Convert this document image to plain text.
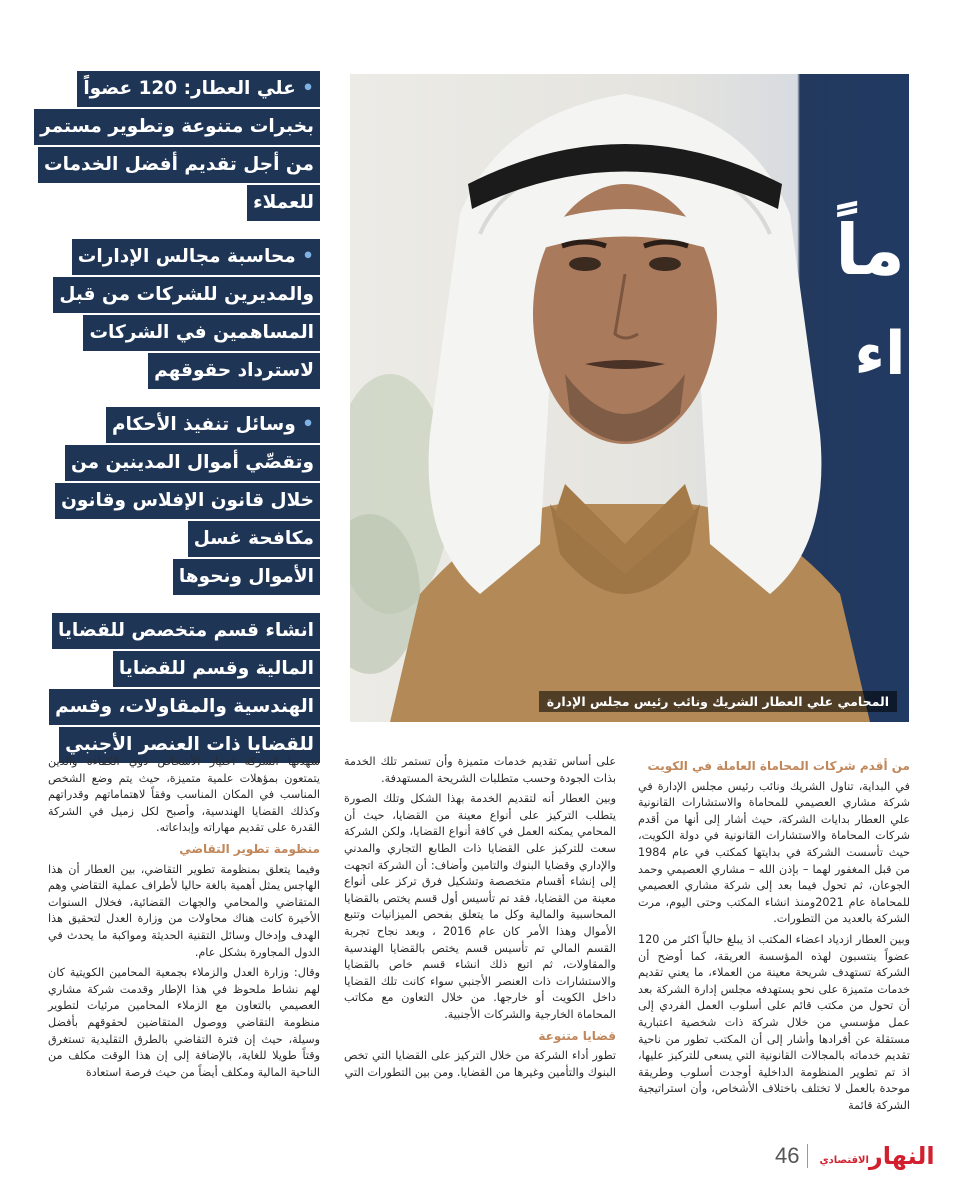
• علي العطار: 120 عضواً
بخبرات متنوعة وتطوير مستمر
من أجل تقديم أفضل الخدمات
للعملاء

• محاسبة مجالس الإدارات
والمديرين للشركات من قبل
المساهمين في الشركات
لاسترداد حقوقهم

• وسائل تنفيذ الأحكام
وتقصِّي أموال المدينين من
خلال قانون الإفلاس وقانون
مكافحة غسل
الأموال ونحوها

انشاء قسم متخصص للقضايا
المالية وقسم للقضايا
الهندسية والمقاولات، وقسم
للقضايا ذات العنصر الأجنبي

ماً
اء
المحامي علي العطار الشريك ونائب رئيس مجلس الإدارة
من أقدم شركات المحاماة العاملة في الكويت

في البداية، تناول الشريك ونائب رئيس مجلس الإدارة في شركة مشاري العصيمي للمحاماة والاستشارات القانونية علي العطار بدايات الشركة، حيث أشار إلى أنها من أقدم شركات المحاماة والاستشارات القانونية في دولة الكويت، حيث تأسست الشركة في بدايتها كمكتب في عام 1984 من قبل المغفور لهما – بإذن الله – مشاري العصيمي وحمد الجوعان، ثم تحول فيما بعد إلى شركة مشاري العصيمي للمحاماة عام 2021ومنذ انشاء المكتب وحتى اليوم، مرت الشركة بالعديد من التطورات.

وبين العطار ازدياد اعضاء المكتب اذ يبلغ حالياً اكثر من 120 عضواً ينتسبون لهذه المؤسسة العريقة، كما أوضح أن الشركة تستهدف شريحة معينة من العملاء، ما يعني تقديم خدمات متميزة على نحو يستهدفه مجلس إدارة الشركة بعد أن تحول من مكتب قائم على أسلوب العمل الفردي إلى عمل مؤسسي من خلال شركة ذات شخصية اعتبارية مستقلة عن أفرادها وأشار إلى أن المكتب تطور من ناحية تقديم خدماته بالمجالات القانونية التي يسعى للتركيز عليها، اذ تم تطوير المنظومة الداخلية أوجدت أسلوب وطريقة موحدة بالعمل لا تختلف باختلاف الأشخاص، وأن استراتيجية الشركة قائمة

على أساس تقديم خدمات متميزة وأن تستمر تلك الخدمة بذات الجودة وحسب متطلبات الشريحة المستهدفة.

وبين العطار أنه لتقديم الخدمة بهذا الشكل وتلك الصورة يتطلب التركيز على أنواع معينة من القضايا، حيث أن المحامي يمكنه العمل في كافة أنواع القضايا، ولكن الشركة سعت للتركيز على القضايا ذات الطابع التجاري والمدني والإداري وقضايا البنوك والتامين وأضاف: أن الشركة اتجهت إلى إنشاء أقسام متخصصة وتشكيل فرق تركز على أنواع معينة من القضايا، فقد تم تأسيس أول قسم يختص بالقضايا المحاسبية والمالية وكل ما يتعلق بفحص الميزانيات وتتبع الأموال وهذا الأمر كان عام 2016 ، وبعد نجاح تجربة القسم المالي تم تأسيس قسم يختص بالقضايا الهندسية والمقاولات، ثم اتبع ذلك انشاء قسم خاص بالقضايا والاستشارات ذات العنصر الأجنبي سواء كانت تلك القضايا داخل الكويت أو خارجها. من خلال التعاون مع مكاتب المحاماة الخارجية والشركات الأجنبية.

قضايا متنوعة

تطور أداء الشركة من خلال التركيز على القضايا التي تخص البنوك والتأمين وغيرها من القضايا. ومن بين التطورات التي

شهدتها الشركة اختيار الأشخاص ذوي الكفاءة والذين يتمتعون بمؤهلات علمية متميزة، حيث يتم وضع الشخص المناسب في المكان المناسب وفقاً لاهتماماتهم وقدراتهم وكذلك القضايا الهندسية، وأصبح لكل زميل في الشركة القدرة على تقديم مهاراته وإبداعاته.

منظومة تطوير التقاضي

وفيما يتعلق بمنظومة تطوير التقاضي، بين العطار أن هذا الهاجس يمثل أهمية بالغة حاليا لأطراف عملية التقاضي وهم المتقاضي والمحامي والجهات القضائية، فخلال السنوات الأخيرة كانت هناك محاولات من وزارة العدل لتحقيق هذا الهدف وإدخال وسائل التقنية الحديثة ومواكبة ما يحدث في الدول المجاورة بشكل عام.

وقال: وزارة العدل والزملاء بجمعية المحامين الكويتية كان لهم نشاط ملحوظ في هذا الإطار وقدمت شركة مشاري العصيمي بالتعاون مع الزملاء المحامين مرئيات لتطوير منظومة التقاضي ووصول المتقاضين لحقوقهم بأفضل وسيلة، حيث إن فترة التقاضي بالطرق التقليدية تستغرق وقتاً طويلا للغاية، بالإضافة إلى إن هذا الوقت مكلف من الناحية المالية ومكلف أيضاً من حيث فرصة استعادة

46	النهار
الاقتصادي
